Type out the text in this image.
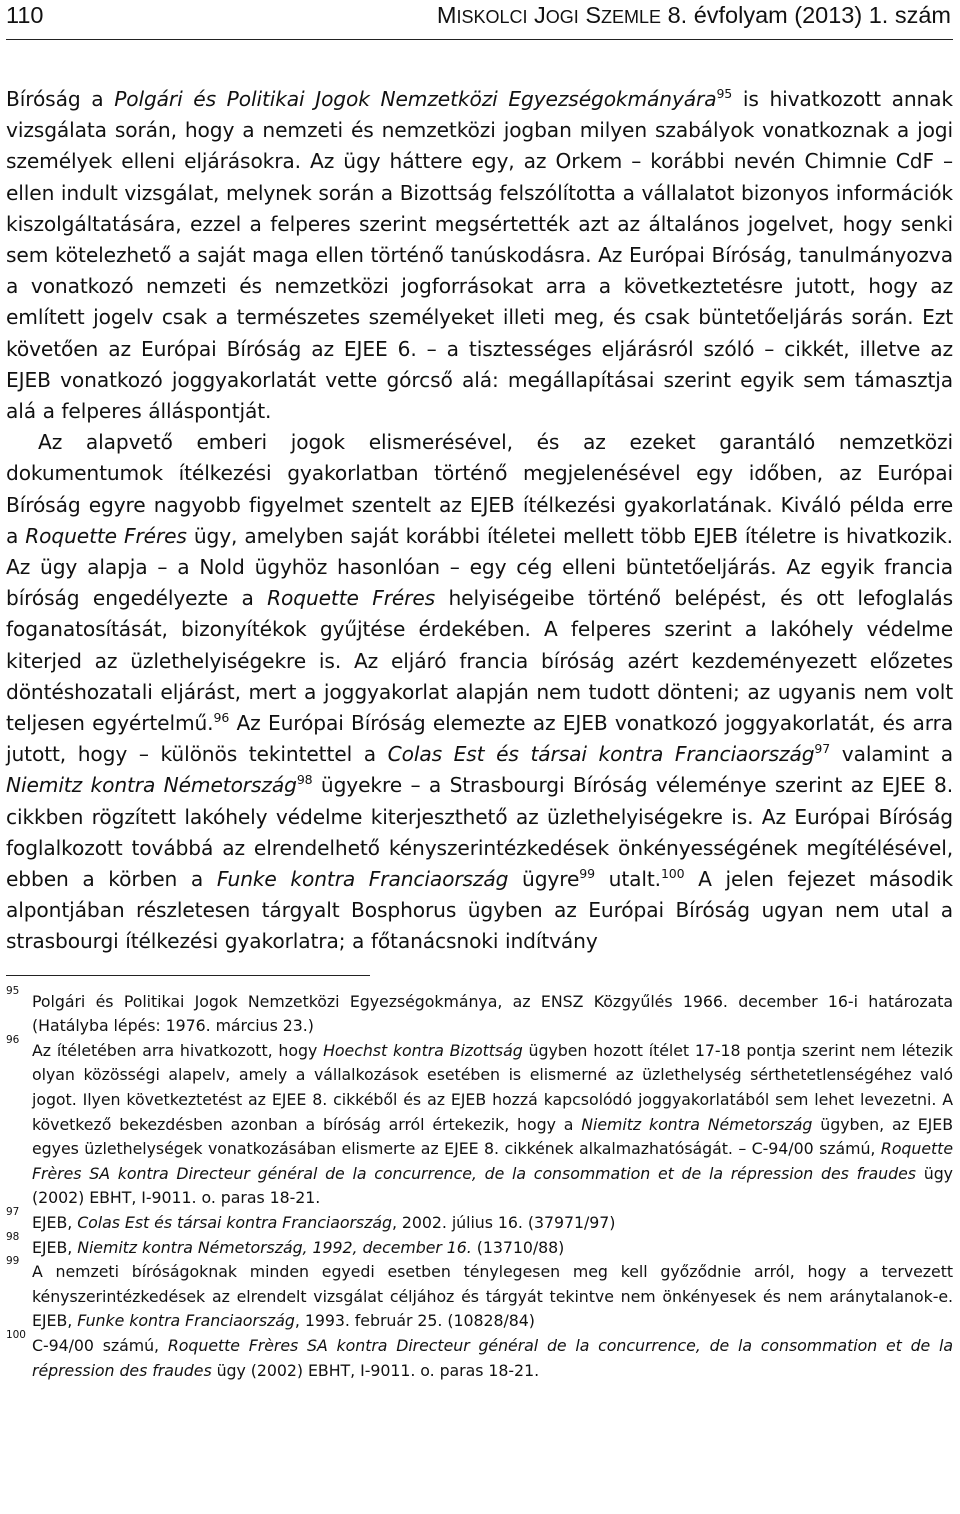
110	MISKOLCI JOGI SZEMLE 8. évfolyam (2013) 1. szám

Bíróság a Polgári és Politikai Jogok Nemzetközi Egyezségokmányára$^{95}$ is hivatkozott annak vizsgálata során, hogy a nemzeti és nemzetközi jogban milyen szabályok vonatkoznak a jogi személyek elleni eljárásokra. Az ügy háttere egy, az Orkem – korábbi nevén Chimnie CdF – ellen indult vizsgálat, melynek során a Bizottság felszólította a vállalatot bizonyos információk kiszolgáltatására, ezzel a felperes szerint megsértették azt az általános jogelvet, hogy senki sem kötelezhető a saját maga ellen történő tanúskodásra. Az Európai Bíróság, tanulmányozva a vonatkozó nemzeti és nemzetközi jogforrásokat arra a következtetésre jutott, hogy az említett jogelv csak a természetes személyeket illeti meg, és csak büntetőeljárás során. Ezt követően az Európai Bíróság az EJEE 6. – a tisztességes eljárásról szóló – cikkét, illetve az EJEB vonatkozó joggyakorlatát vette górcső alá: megállapításai szerint egyik sem támasztja alá a felperes álláspontját.

Az alapvető emberi jogok elismerésével, és az ezeket garantáló nemzetközi dokumentumok ítélkezési gyakorlatban történő megjelenésével egy időben, az Európai Bíróság egyre nagyobb figyelmet szentelt az EJEB ítélkezési gyakorlatának. Kiváló példa erre a Roquette Fréres ügy, amelyben saját korábbi ítéletei mellett több EJEB ítéletre is hivatkozik. Az ügy alapja – a Nold ügyhöz hasonlóan – egy cég elleni büntetőeljárás. Az egyik francia bíróság engedélyezte a Roquette Fréres helyiségeibe történő belépést, és ott lefoglalás foganatosítását, bizonyítékok gyűjtése érdekében. A felperes szerint a lakóhely védelme kiterjed az üzlethelyiségekre is. Az eljáró francia bíróság azért kezdeményezett előzetes döntéshozatali eljárást, mert a joggyakorlat alapján nem tudott dönteni; az ugyanis nem volt teljesen egyértelmű.$^{96}$ Az Európai Bíróság elemezte az EJEB vonatkozó joggyakorlatát, és arra jutott, hogy – különös tekintettel a Colas Est és társai kontra Franciaország$^{97}$ valamint a Niemitz kontra Németország$^{98}$ ügyekre – a Strasbourgi Bíróság véleménye szerint az EJEE 8. cikkben rögzített lakóhely védelme kiterjeszthető az üzlethelyiségekre is. Az Európai Bíróság foglalkozott továbbá az elrendelhető kényszerintézkedések önkényességének megítélésével, ebben a körben a Funke kontra Franciaország ügyre$^{99}$ utalt.$^{100}$ A jelen fejezet második alpontjában részletesen tárgyalt Bosphorus ügyben az Európai Bíróság ugyan nem utal a strasbourgi ítélkezési gyakorlatra; a főtanácsnoki indítvány

95
Polgári és Politikai Jogok Nemzetközi Egyezségokmánya, az ENSZ Közgyűlés 1966. december 16-i határozata (Hatályba lépés: 1976. március 23.)

96
Az ítéletében arra hivatkozott, hogy Hoechst kontra Bizottság ügyben hozott ítélet 17-18 pontja szerint nem létezik olyan közösségi alapelv, amely a vállalkozások esetében is elismerné az üzlethelység sérthetetlenségéhez való jogot. Ilyen következtetést az EJEE 8. cikkéből és az EJEB hozzá kapcsolódó joggyakorlatából sem lehet levezetni. A következő bekezdésben azonban a bíróság arról értekezik, hogy a Niemitz kontra Németország ügyben, az EJEB egyes üzlethelységek vonatkozásában elismerte az EJEE 8. cikkének alkalmazhatóságát. – C-94/00 számú, Roquette Frères SA kontra Directeur général de la concurrence, de la consommation et de la répression des fraudes ügy (2002) EBHT, I-9011. o. paras 18-21.

97
EJEB, Colas Est és társai kontra Franciaország, 2002. július 16. (37971/97)

98
EJEB, Niemitz kontra Németország, 1992, december 16. (13710/88)

99
A nemzeti bíróságoknak minden egyedi esetben ténylegesen meg kell győződnie arról, hogy a tervezett kényszerintézkedések az elrendelt vizsgálat céljához és tárgyát tekintve nem önkényesek és nem aránytalanok-e. EJEB, Funke kontra Franciaország, 1993. február 25. (10828/84)

100
C-94/00 számú, Roquette Frères SA kontra Directeur général de la concurrence, de la consommation et de la répression des fraudes ügy (2002) EBHT, I-9011. o. paras 18-21.
